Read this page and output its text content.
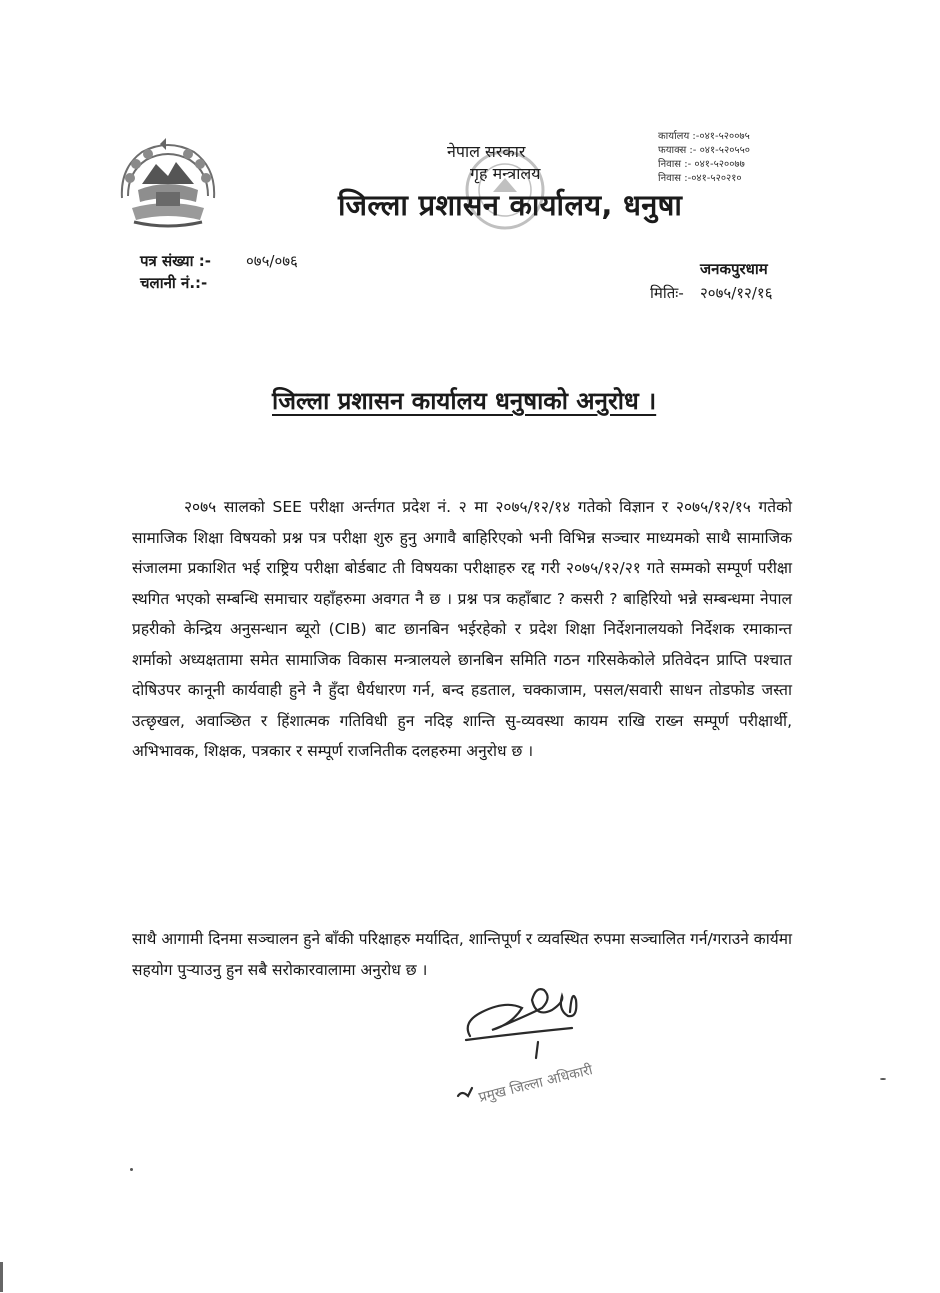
नेपाल सरकार
गृह मन्त्रालय
जिल्ला प्रशासन कार्यालय, धनुषा
कार्यालय :-०४१-५२००७५
फयाक्स :- ०४१-५२०५५०
निवास :- ०४१-५२००७७
निवास :-०४१-५२०२१०
पत्र संख्या :- ०७५/०७६
चलानी नं.:-
जनकपुरधाम
मितिः- २०७५/१२/१६
जिल्ला प्रशासन कार्यालय धनुषाको अनुरोध ।
२०७५ सालको SEE परीक्षा अर्न्तगत प्रदेश नं. २ मा २०७५/१२/१४ गतेको विज्ञान र २०७५/१२/१५ गतेको सामाजिक शिक्षा विषयको प्रश्न पत्र परीक्षा शुरु हुनु अगावै बाहिरिएको भनी विभिन्न सञ्चार माध्यमको साथै सामाजिक संजालमा प्रकाशित भई राष्ट्रिय परीक्षा बोर्डबाट ती विषयका परीक्षाहरु रद्द गरी २०७५/१२/२१ गते सम्मको सम्पूर्ण परीक्षा स्थगित भएको सम्बन्धि समाचार यहाँहरुमा अवगत नै छ । प्रश्न पत्र कहाँबाट ? कसरी ? बाहिरियो भन्ने सम्बन्धमा नेपाल प्रहरीको केन्द्रिय अनुसन्धान ब्यूरो (CIB) बाट छानबिन भईरहेको र प्रदेश शिक्षा निर्देशनालयको निर्देशक रमाकान्त शर्माको अध्यक्षतामा समेत सामाजिक विकास मन्त्रालयले छानबिन समिति गठन गरिसकेकोले प्रतिवेदन प्राप्ति पश्चात दोषिउपर कानूनी कार्यवाही हुने नै हुँदा धैर्यधारण गर्न, बन्द हडताल, चक्काजाम, पसल/सवारी साधन तोडफोड जस्ता उत्छृखल, अवाञ्छित र हिंशात्मक गतिविधी हुन नदिइ शान्ति सु-व्यवस्था कायम राखि राख्न सम्पूर्ण परीक्षार्थी, अभिभावक, शिक्षक, पत्रकार र सम्पूर्ण राजनितीक दलहरुमा अनुरोध छ ।
साथै आगामी दिनमा सञ्चालन हुने बाँकी परिक्षाहरु मर्यादित, शान्तिपूर्ण र व्यवस्थित रुपमा सञ्चालित गर्न/गराउने कार्यमा सहयोग पुऱ्याउनु हुन सबै सरोकारवालामा अनुरोध छ ।
प्रमुख जिल्ला अधिकारी
